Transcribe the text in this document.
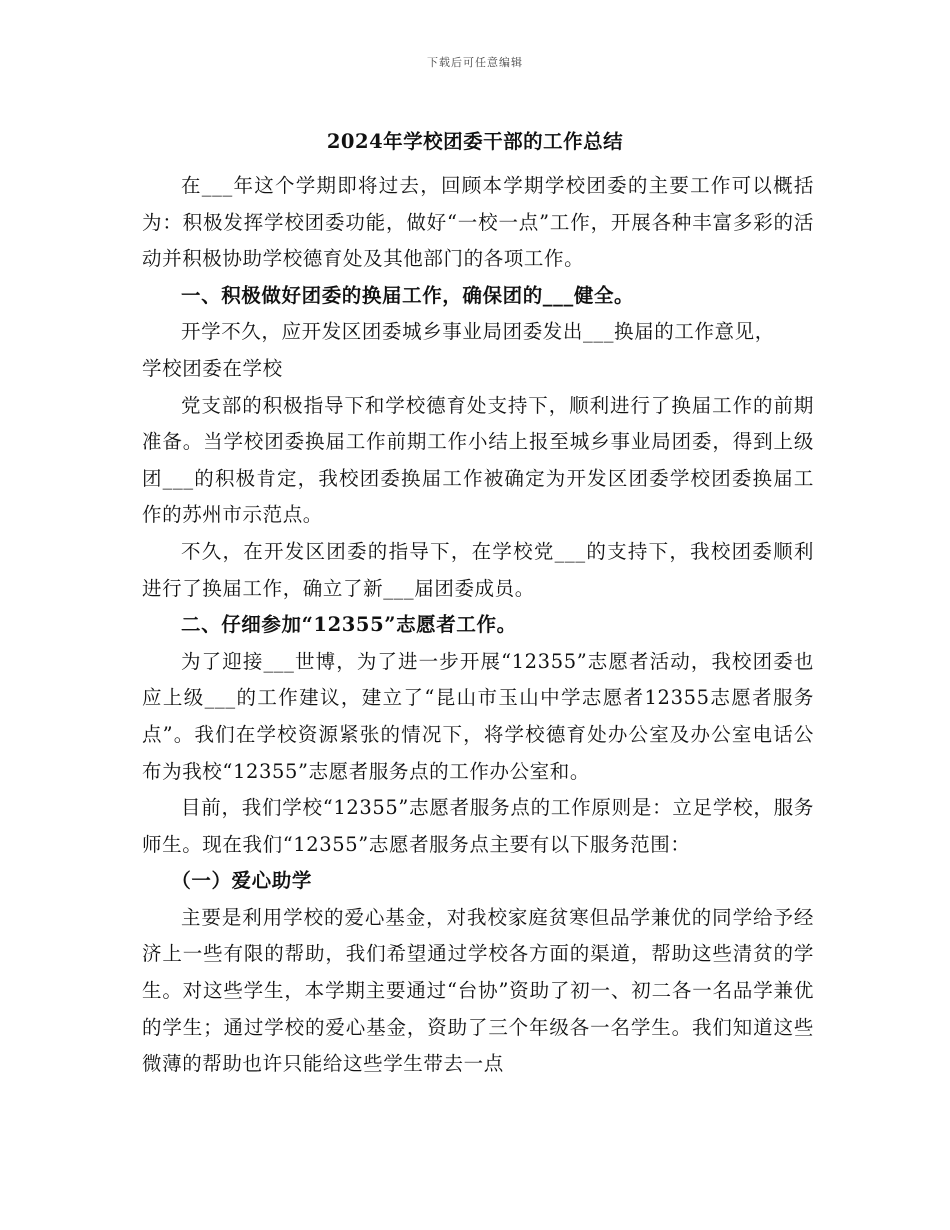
下载后可任意编辑
2024年学校团委干部的工作总结

在___年这个学期即将过去，回顾本学期学校团委的主要工作可以概括为：积极发挥学校团委功能，做好“一校一点”工作，开展各种丰富多彩的活动并积极协助学校德育处及其他部门的各项工作。

一、积极做好团委的换届工作，确保团的___健全。

开学不久，应开发区团委城乡事业局团委发出___换届的工作意见，

学校团委在学校

党支部的积极指导下和学校德育处支持下，顺利进行了换届工作的前期准备。当学校团委换届工作前期工作小结上报至城乡事业局团委，得到上级团___的积极肯定，我校团委换届工作被确定为开发区团委学校团委换届工作的苏州市示范点。

不久，在开发区团委的指导下，在学校党___的支持下，我校团委顺利进行了换届工作，确立了新___届团委成员。

二、仔细参加“12355”志愿者工作。

为了迎接___世博，为了进一步开展“12355”志愿者活动，我校团委也应上级___的工作建议，建立了“昆山市玉山中学志愿者12355志愿者服务点”。我们在学校资源紧张的情况下，将学校德育处办公室及办公室电话公布为我校“12355”志愿者服务点的工作办公室和。

目前，我们学校“12355”志愿者服务点的工作原则是：立足学校，服务师生。现在我们“12355”志愿者服务点主要有以下服务范围：

（一）爱心助学

主要是利用学校的爱心基金，对我校家庭贫寒但品学兼优的同学给予经济上一些有限的帮助，我们希望通过学校各方面的渠道，帮助这些清贫的学生。对这些学生，本学期主要通过“台协”资助了初一、初二各一名品学兼优的学生；通过学校的爱心基金，资助了三个年级各一名学生。我们知道这些微薄的帮助也许只能给这些学生带去一点
